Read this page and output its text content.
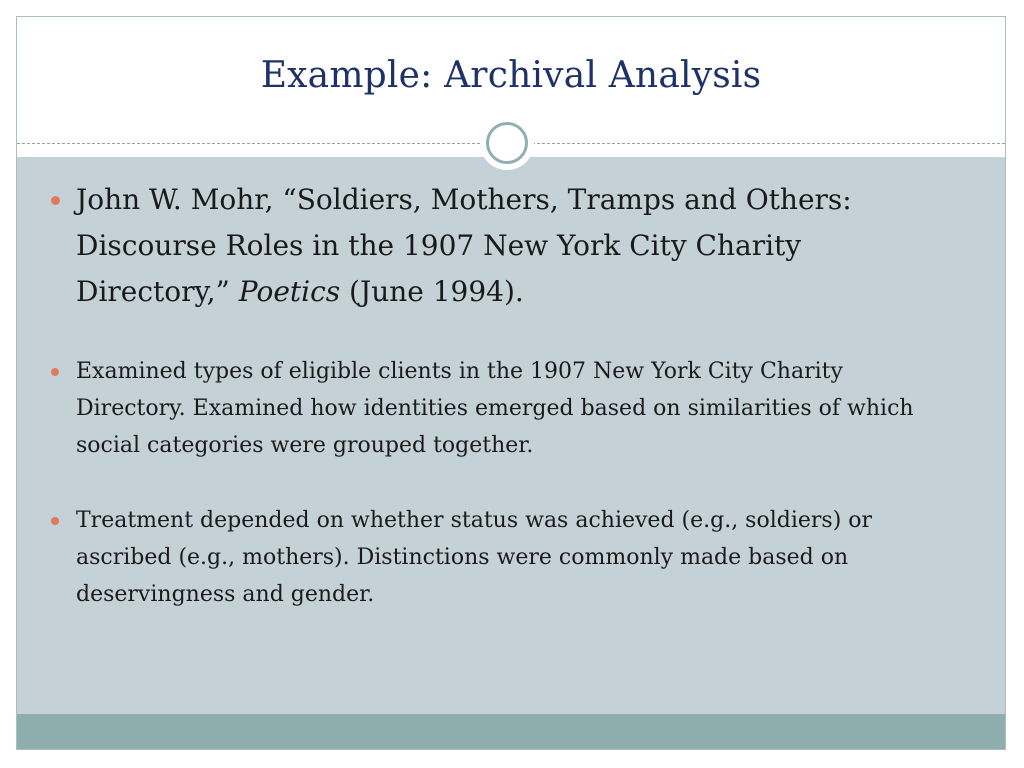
Example: Archival Analysis
John W. Mohr, “Soldiers, Mothers, Tramps and Others: Discourse Roles in the 1907 New York City Charity Directory,” Poetics (June 1994).
Examined types of eligible clients in the 1907 New York City Charity Directory. Examined how identities emerged based on similarities of which social categories were grouped together.
Treatment depended on whether status was achieved (e.g., soldiers) or ascribed (e.g., mothers). Distinctions were commonly made based on deservingness and gender.
